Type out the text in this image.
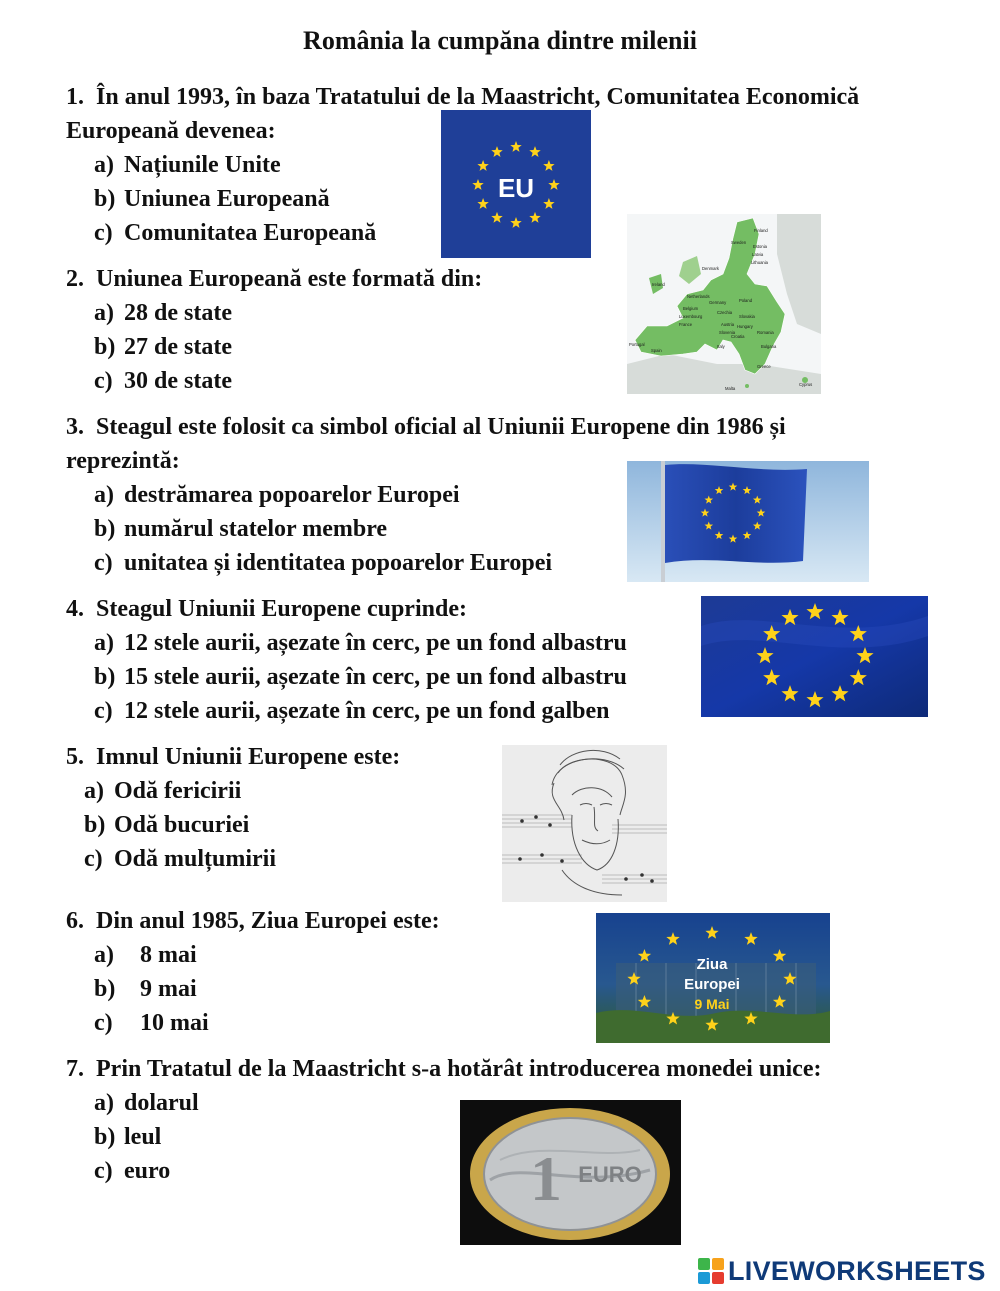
România la cumpăna dintre milenii
1. În anul 1993, în baza Tratatului de la Maastricht, Comunitatea Economică
Europeană devenea:
a) Națiunile Unite
b) Uniunea Europeană
c) Comunitatea Europeană
2. Uniunea Europeană este formată din:
a) 28 de state
b) 27 de state
c) 30 de state
3. Steagul este folosit ca simbol oficial al Uniunii Europene din 1986 și
reprezintă:
a) destrămarea popoarelor Europei
b) numărul statelor membre
c) unitatea și identitatea popoarelor Europei
4. Steagul Uniunii Europene cuprinde:
a) 12 stele aurii, așezate în cerc, pe un fond albastru
b) 15 stele aurii, așezate în cerc, pe un fond albastru
c) 12 stele aurii, așezate în cerc, pe un fond galben
5. Imnul Uniunii Europene este:
a) Odă fericirii
b) Odă bucuriei
c) Odă mulțumirii
6. Din anul 1985, Ziua Europei este:
a) 8 mai
b) 9 mai
c) 10 mai
7. Prin Tratatul de la Maastricht s-a hotărât introducerea monedei unice:
a) dolarul
b) leul
c) euro
EU
Finland
Sweden
Estonia
Latvia
Lithuania
Ireland
Denmark
Netherlands
Belgium
Germany	Poland
Luxembourg
Czechia
Slovakia
France	Austria Hungary
Slovenia
Croatia
Romania
Portugal
Spain
Italy	Bulgaria
Greece
Cyprus
Malta
Ziua
Europei
9 Mai
1 EURO
LIVEWORKSHEETS
